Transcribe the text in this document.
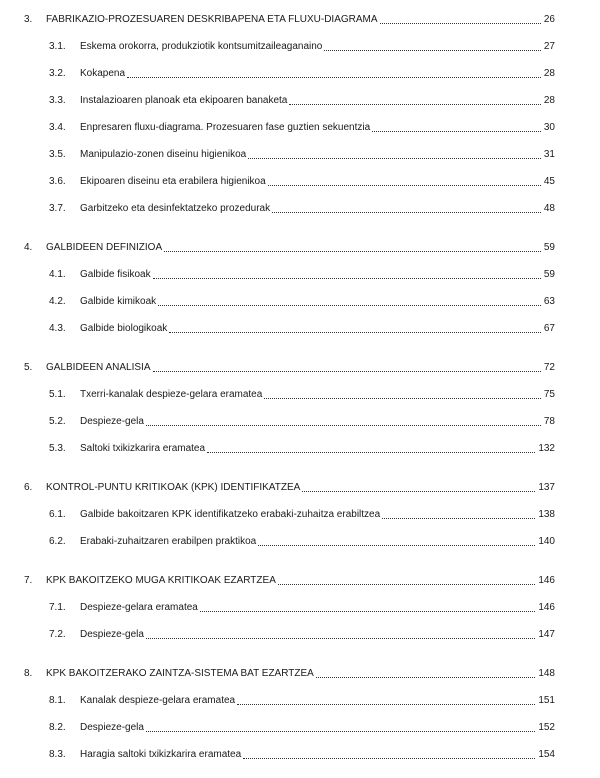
3. FABRIKAZIO-PROZESUAREN DESKRIBAPENA ETA FLUXU-DIAGRAMA	26
3.1. Eskema orokorra, produkziotik kontsumitzaileaganaino	27
3.2. Kokapena	28
3.3. Instalazioaren planoak eta ekipoaren banaketa	28
3.4. Enpresaren fluxu-diagrama. Prozesuaren fase guztien sekuentzia	30
3.5. Manipulazio-zonen diseinu higienikoa	31
3.6. Ekipoaren diseinu eta erabilera higienikoa	45
3.7. Garbitzeko eta desinfektatzeko prozedurak	48
4. GALBIDEEN DEFINIZIOA	59
4.1. Galbide fisikoak	59
4.2. Galbide kimikoak	63
4.3. Galbide biologikoak	67
5. GALBIDEEN ANALISIA	72
5.1. Txerri-kanalak despieze-gelara eramatea	75
5.2. Despieze-gela	78
5.3. Saltoki txikizkarira eramatea	132
6. KONTROL-PUNTU KRITIKOAK (KPK) IDENTIFIKATZEA	137
6.1. Galbide bakoitzaren KPK identifikatzeko erabaki-zuhaitza erabiltzea	138
6.2. Erabaki-zuhaitzaren erabilpen praktikoa	140
7. KPK BAKOITZEKO MUGA KRITIKOAK EZARTZEA	146
7.1. Despieze-gelara eramatea	146
7.2. Despieze-gela	147
8. KPK BAKOITZERAKO ZAINTZA-SISTEMA BAT EZARTZEA	148
8.1. Kanalak despieze-gelara eramatea	151
8.2. Despieze-gela	152
8.3. Haragia saltoki txikizkarira eramatea	154
